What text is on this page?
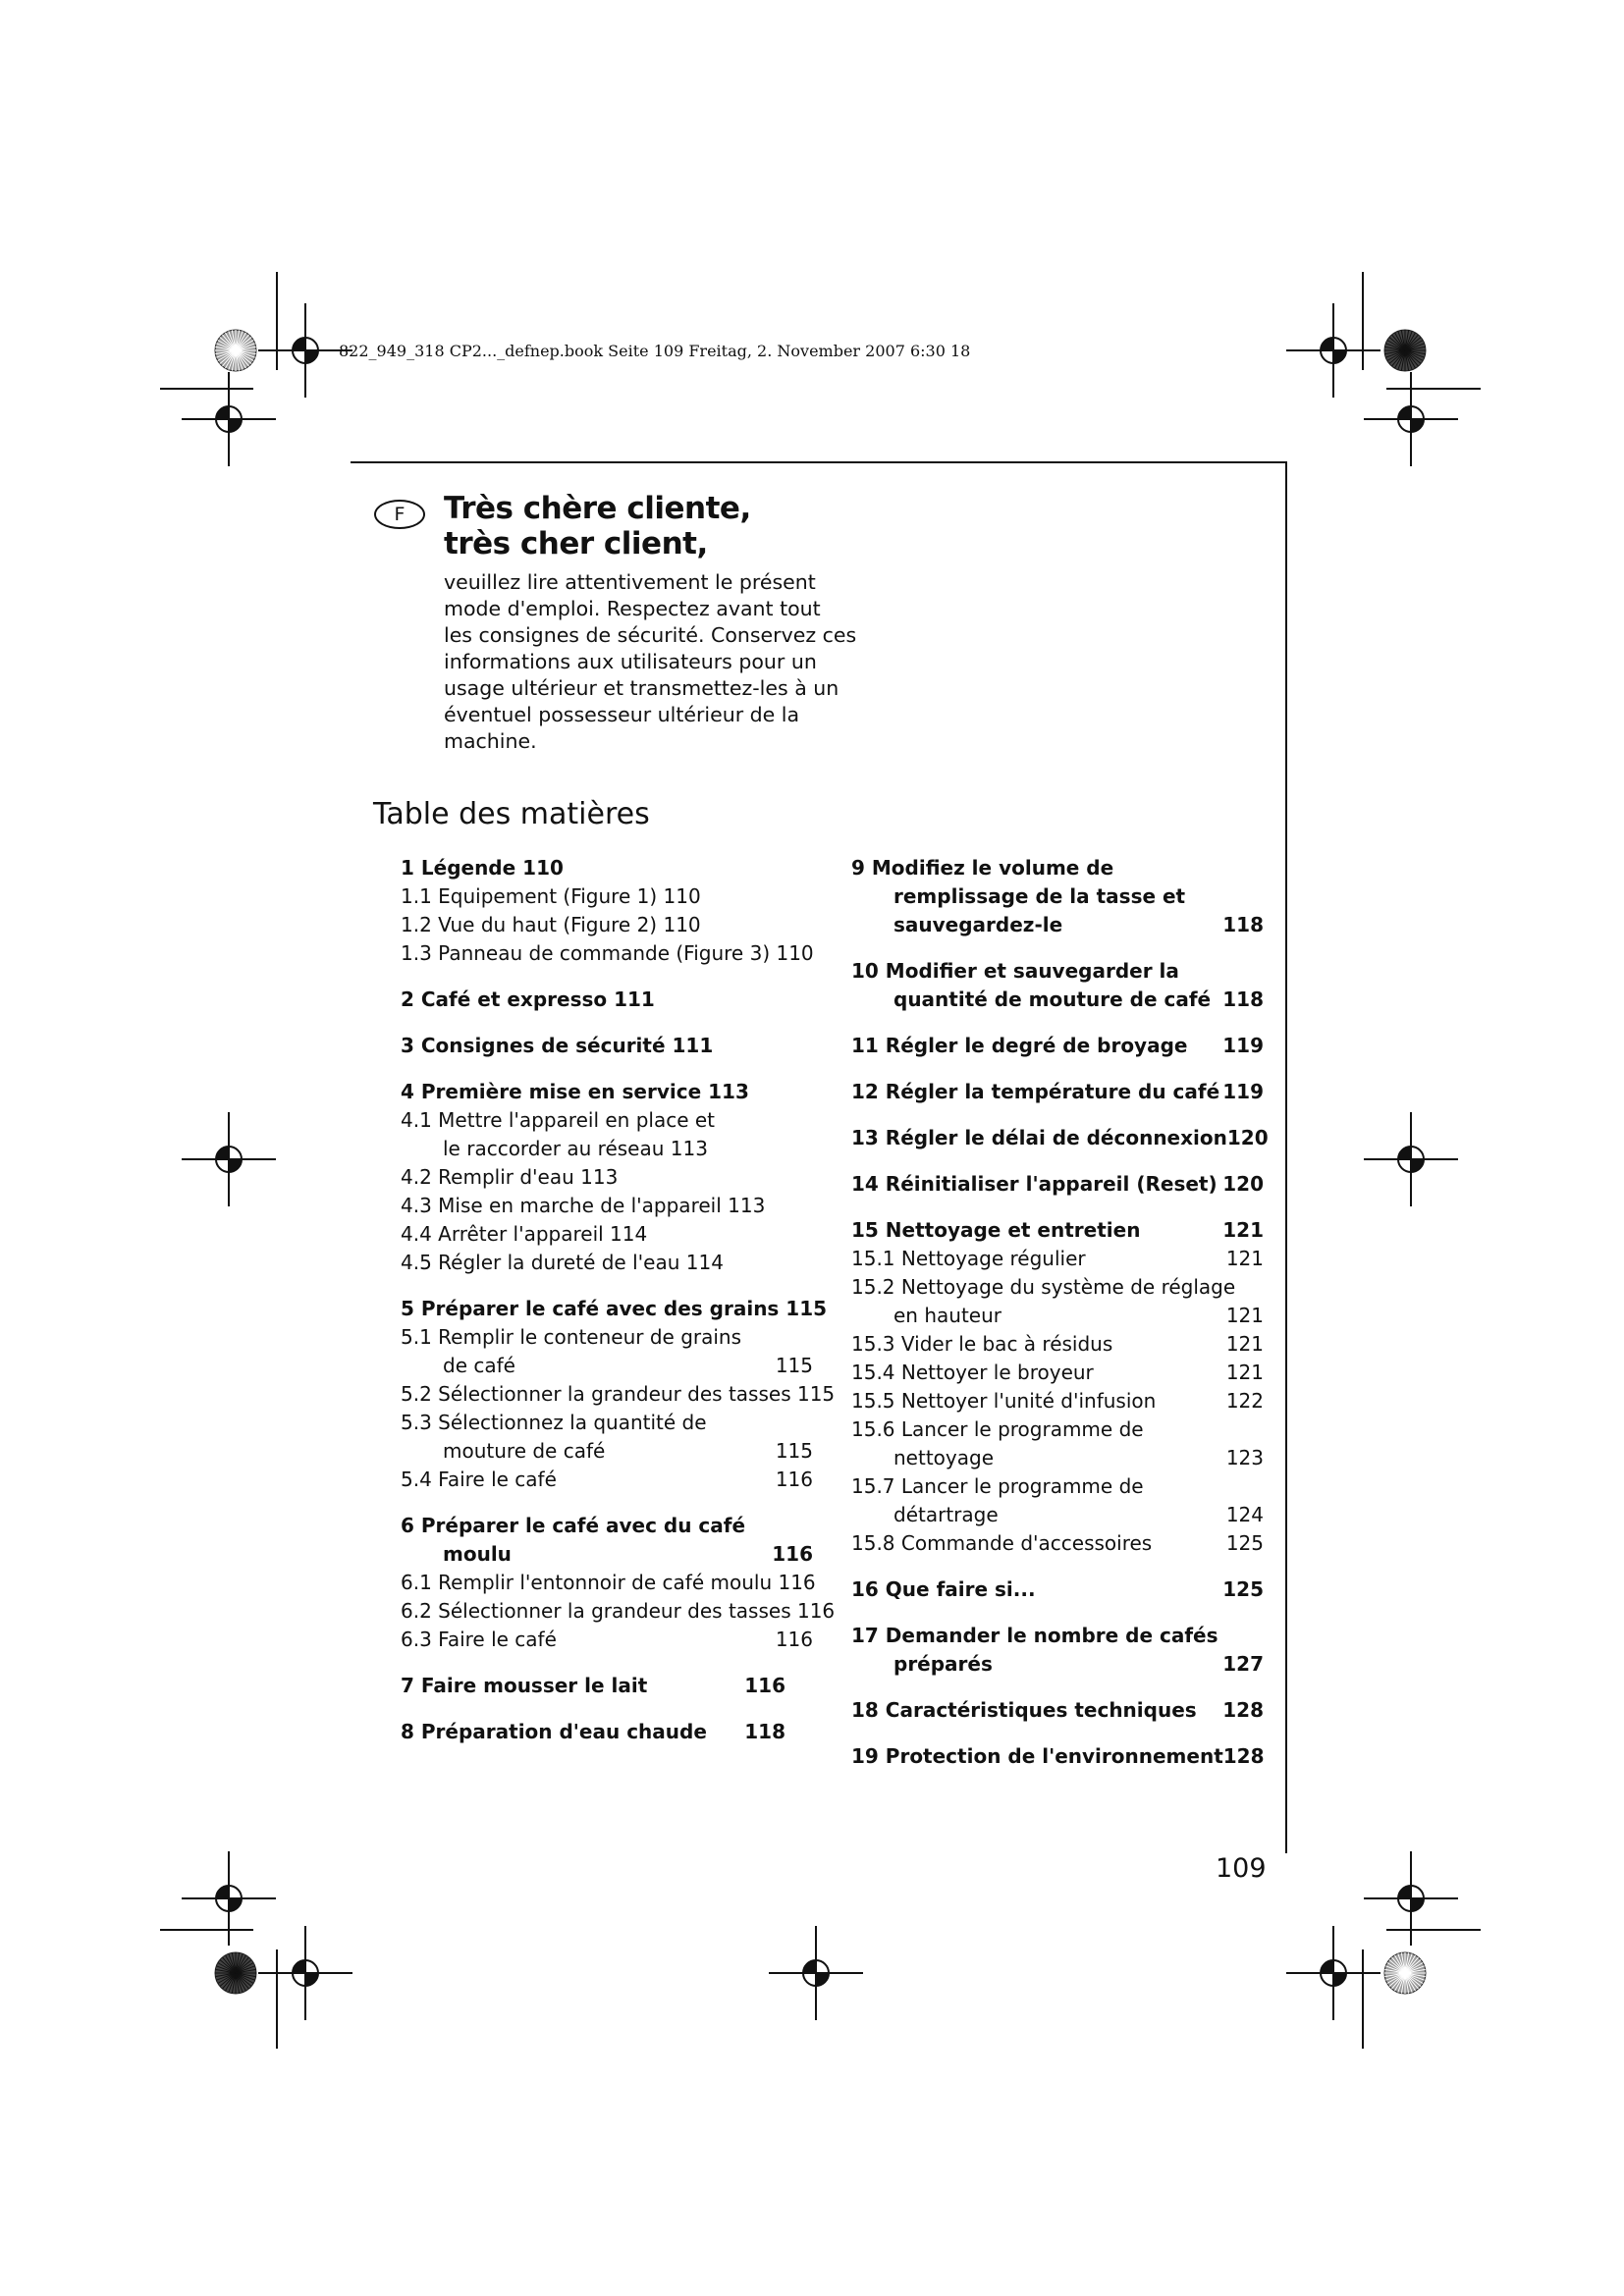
822_949_318 CP2..._defnep.book Seite 109 Freitag, 2. November 2007 6:30 18
F	Très chère cliente,
très cher client,
veuillez lire attentivement le présent
mode d'emploi. Respectez avant tout
les consignes de sécurité. Conservez ces
informations aux utilisateurs pour un
usage ultérieur et transmettez-les à un
éventuel possesseur ultérieur de la
machine.
Table des matières
1 Légende 110
1.1 Equipement (Figure 1) 110
1.2 Vue du haut (Figure 2) 110
1.3 Panneau de commande (Figure 3) 110
2 Café et expresso 111
3 Consignes de sécurité 111
4 Première mise en service 113
4.1 Mettre l'appareil en place et
le raccorder au réseau 113
4.2 Remplir d'eau 113
4.3 Mise en marche de l'appareil 113
4.4 Arrêter l'appareil 114
4.5 Régler la dureté de l'eau 114
5 Préparer le café avec des grains 115
5.1 Remplir le conteneur de grains
de café	115
5.2 Sélectionner la grandeur des tasses 115
5.3 Sélectionnez la quantité de
mouture de café	115
5.4 Faire le café	116
6 Préparer le café avec du café
moulu	116
6.1 Remplir l'entonnoir de café moulu 116
6.2 Sélectionner la grandeur des tasses 116
6.3 Faire le café	116
7 Faire mousser le lait	116
8 Préparation d'eau chaude 118
9 Modifiez le volume de
remplissage de la tasse et
sauvegardez-le	118
10 Modifier et sauvegarder la
quantité de mouture de café 118
11 Régler le degré de broyage 119
12 Régler la température du café 119
13 Régler le délai de déconnexion 120
14 Réinitialiser l'appareil (Reset) 120
15 Nettoyage et entretien	121
15.1 Nettoyage régulier	121
15.2 Nettoyage du système de réglage
en hauteur	121
15.3 Vider le bac à résidus	121
15.4 Nettoyer le broyeur	121
15.5 Nettoyer l'unité d'infusion	122
15.6 Lancer le programme de
nettoyage	123
15.7 Lancer le programme de
détartrage	124
15.8 Commande d'accessoires	125
16 Que faire si...	125
17 Demander le nombre de cafés
préparés	127
18 Caractéristiques techniques 128
19 Protection de l'environnement 128
109
